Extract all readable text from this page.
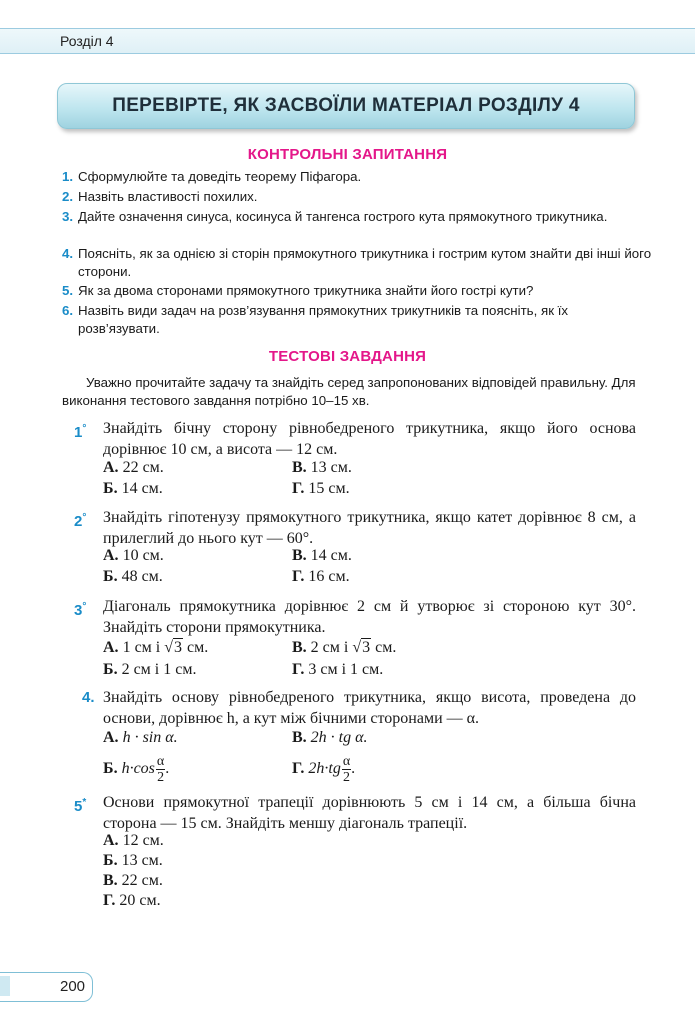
Розділ 4
ПЕРЕВІРТЕ, ЯК ЗАСВОЇЛИ МАТЕРІАЛ РОЗДІЛУ 4
КОНТРОЛЬНІ ЗАПИТАННЯ
1. Сформулюйте та доведіть теорему Піфагора.
2. Назвіть властивості похилих.
3. Дайте означення синуса, косинуса й тангенса гострого кута прямокутного трикутника.
4. Поясніть, як за однією зі сторін прямокутного трикутника і гострим кутом знайти дві інші його сторони.
5. Як за двома сторонами прямокутного трикутника знайти його гострі кути?
6. Назвіть види задач на розв’язування прямокутних трикутників та поясніть, як їх розв’язувати.
ТЕСТОВІ ЗАВДАННЯ
Уважно прочитайте задачу та знайдіть серед запропонованих відповідей правильну. Для виконання тестового завдання потрібно 10–15 хв.
1°	Знайдіть бічну сторону рівнобедреного трикутника, якщо його основа дорівнює 10 см, а висота — 12 см.
А. 22 см.	В. 13 см.
Б. 14 см.	Г. 15 см.
2°	Знайдіть гіпотенузу прямокутного трикутника, якщо катет дорівнює 8 см, а прилеглий до нього кут — 60°.
А. 10 см.	В. 14 см.
Б. 48 см.	Г. 16 см.
3°	Діагональ прямокутника дорівнює 2 см й утворює зі стороною кут 30°. Знайдіть сторони прямокутника.
А. 1 см і √3 см.	В. 2 см і √3 см.
Б. 2 см і 1 см.	Г. 3 см і 1 см.
4. Знайдіть основу рівнобедреного трикутника, якщо висота, проведена до основи, дорівнює h, а кут між бічними сторонами — α.
А. h · sin α.	В. 2h · tg α.
Б. $h\cdot\cos \frac{\alpha}{2}$ .	Г. $2h\cdot tg \frac{\alpha}{2}$ .
5*	Основи прямокутної трапеції дорівнюють 5 см і 14 см, а більша бічна сторона — 15 см. Знайдіть меншу діагональ трапеції.
А. 12 см.
Б. 13 см.
В. 22 см.
Г. 20 см.
200
